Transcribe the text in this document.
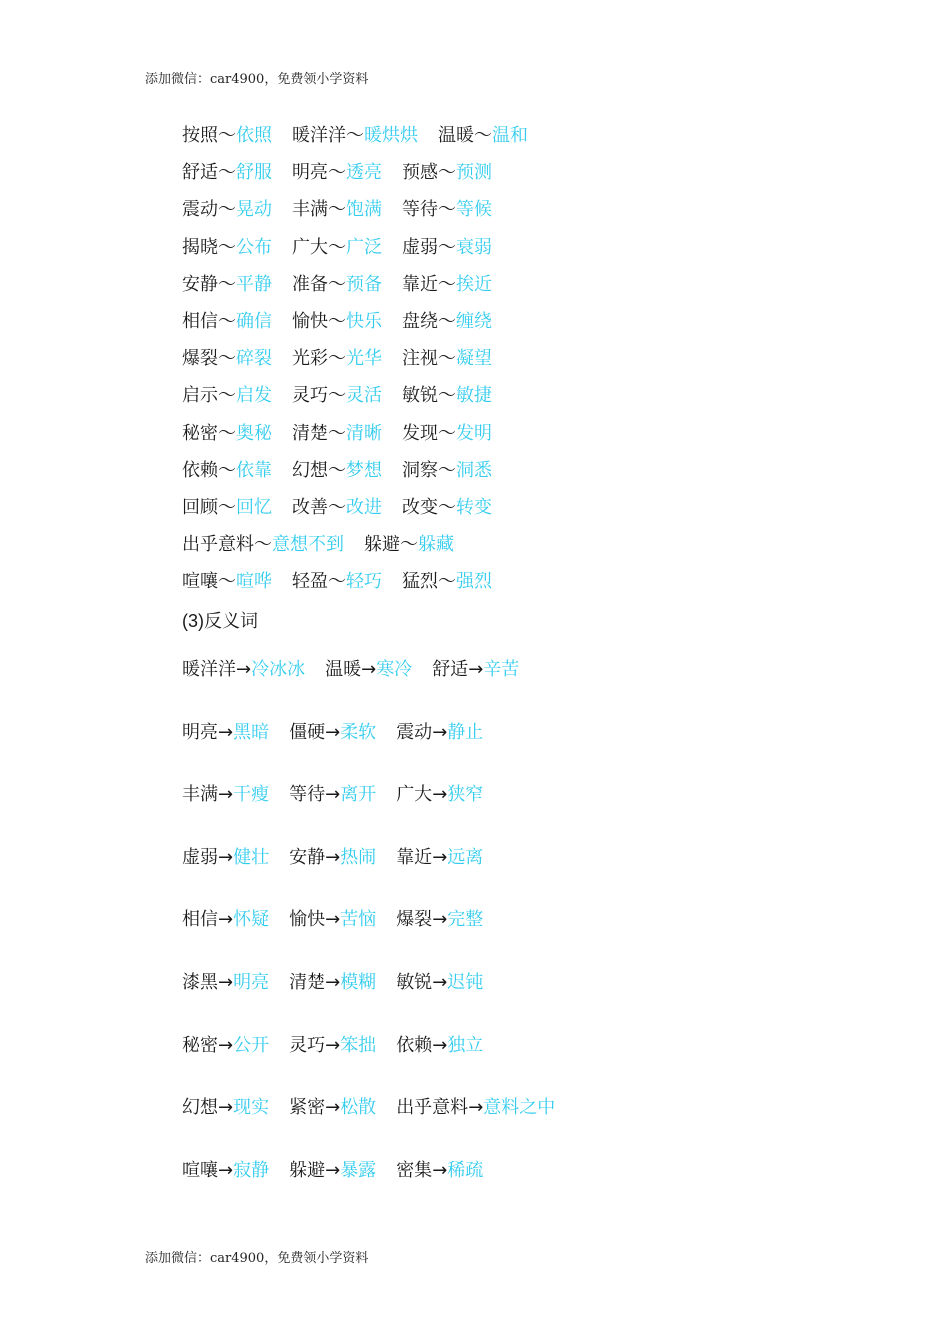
添加微信：car4900，免费领小学资料
按照～依照 暖洋洋～暖烘烘 温暖～温和
舒适～舒服 明亮～透亮 预感～预测
震动～晃动 丰满～饱满 等待～等候
揭晓～公布 广大～广泛 虚弱～衰弱
安静～平静 准备～预备 靠近～挨近
相信～确信 愉快～快乐 盘绕～缠绕
爆裂～碎裂 光彩～光华 注视～凝望
启示～启发 灵巧～灵活 敏锐～敏捷
秘密～奥秘 清楚～清晰 发现～发明
依赖～依靠 幻想～梦想 洞察～洞悉
回顾～回忆 改善～改进 改变～转变
出乎意料～意想不到 躲避～躲藏
喧嚷～喧哗 轻盈～轻巧 猛烈～强烈
(3)反义词
暖洋洋→冷冰冰 温暖→寒冷 舒适→辛苦
明亮→黑暗 僵硬→柔软 震动→静止
丰满→干瘦 等待→离开 广大→狭窄
虚弱→健壮 安静→热闹 靠近→远离
相信→怀疑 愉快→苦恼 爆裂→完整
漆黑→明亮 清楚→模糊 敏锐→迟钝
秘密→公开 灵巧→笨拙 依赖→独立
幻想→现实 紧密→松散 出乎意料→意料之中
喧嚷→寂静 躲避→暴露 密集→稀疏
添加微信：car4900，免费领小学资料
